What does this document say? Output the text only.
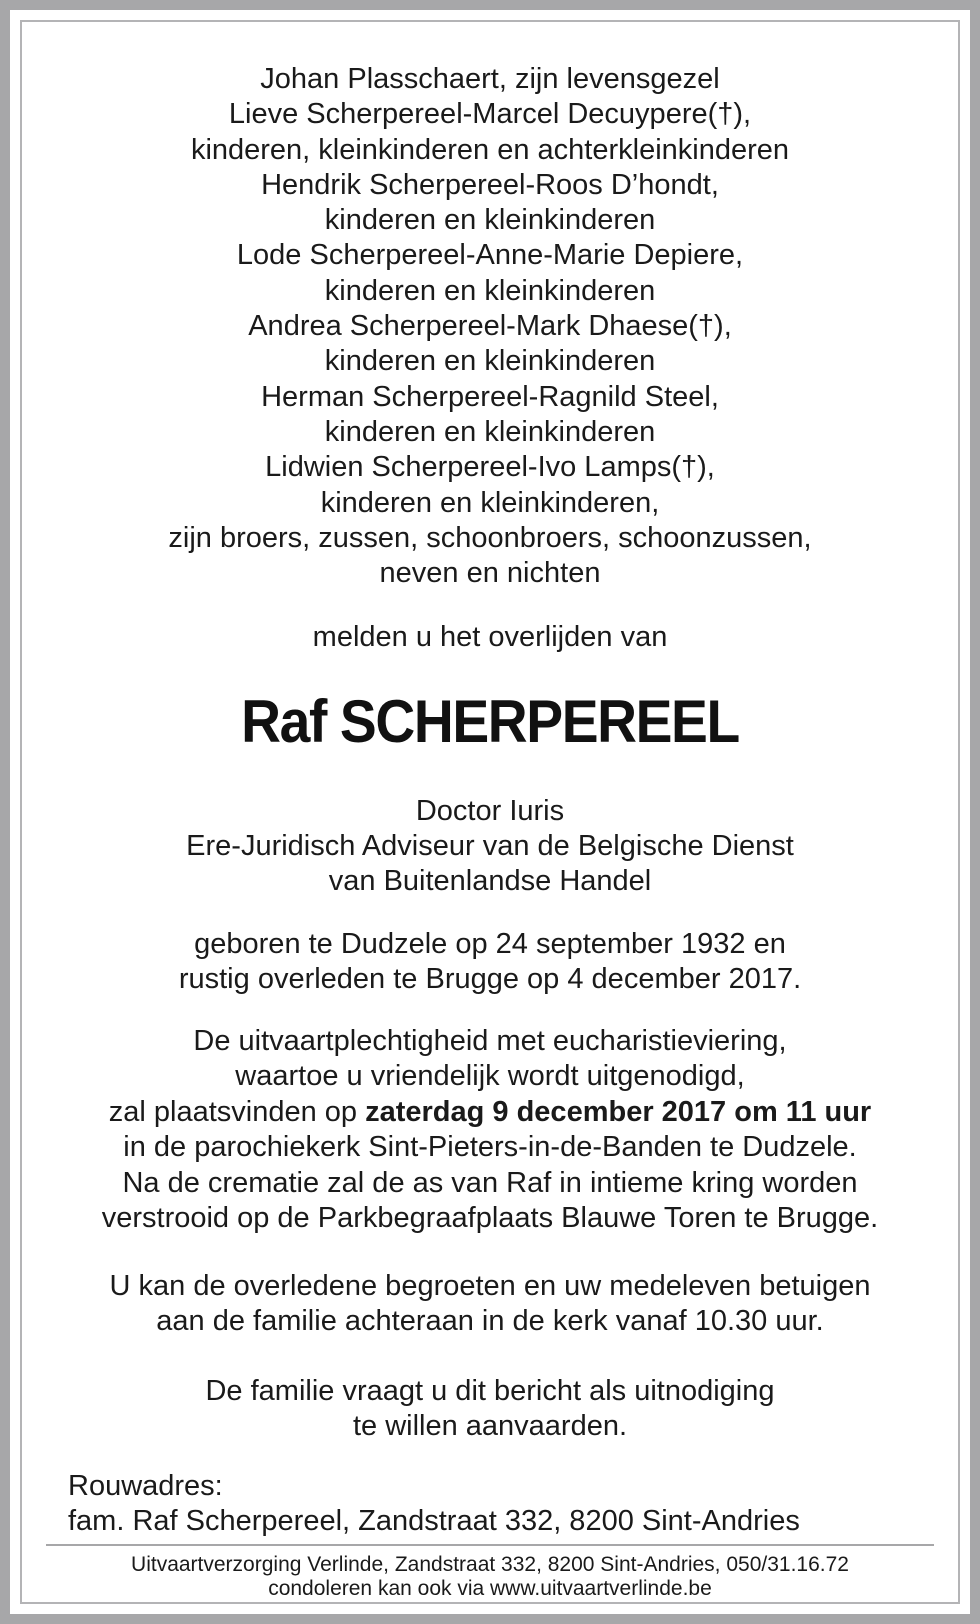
Johan Plasschaert, zijn levensgezel
Lieve Scherpereel-Marcel Decuypere(†),
kinderen, kleinkinderen en achterkleinkinderen
Hendrik Scherpereel-Roos D’hondt,
kinderen en kleinkinderen
Lode Scherpereel-Anne-Marie Depiere,
kinderen en kleinkinderen
Andrea Scherpereel-Mark Dhaese(†),
kinderen en kleinkinderen
Herman Scherpereel-Ragnild Steel,
kinderen en kleinkinderen
Lidwien Scherpereel-Ivo Lamps(†),
kinderen en kleinkinderen,
zijn broers, zussen, schoonbroers, schoonzussen,
neven en nichten
melden u het overlijden van
Raf SCHERPEREEL
Doctor Iuris
Ere-Juridisch Adviseur van de Belgische Dienst
van Buitenlandse Handel
geboren te Dudzele op 24 september 1932 en
rustig overleden te Brugge op 4 december 2017.
De uitvaartplechtigheid met eucharistieviering,
waartoe u vriendelijk wordt uitgenodigd,
zal plaatsvinden op zaterdag 9 december 2017 om 11 uur
in de parochiekerk Sint-Pieters-in-de-Banden te Dudzele.
Na de crematie zal de as van Raf in intieme kring worden
verstrooid op de Parkbegraafplaats Blauwe Toren te Brugge.
U kan de overledene begroeten en uw medeleven betuigen
aan de familie achteraan in de kerk vanaf 10.30 uur.
De familie vraagt u dit bericht als uitnodiging
te willen aanvaarden.
Rouwadres:
fam. Raf Scherpereel, Zandstraat 332, 8200 Sint-Andries
Uitvaartverzorging Verlinde, Zandstraat 332, 8200 Sint-Andries, 050/31.16.72
condoleren kan ook via www.uitvaartverlinde.be
